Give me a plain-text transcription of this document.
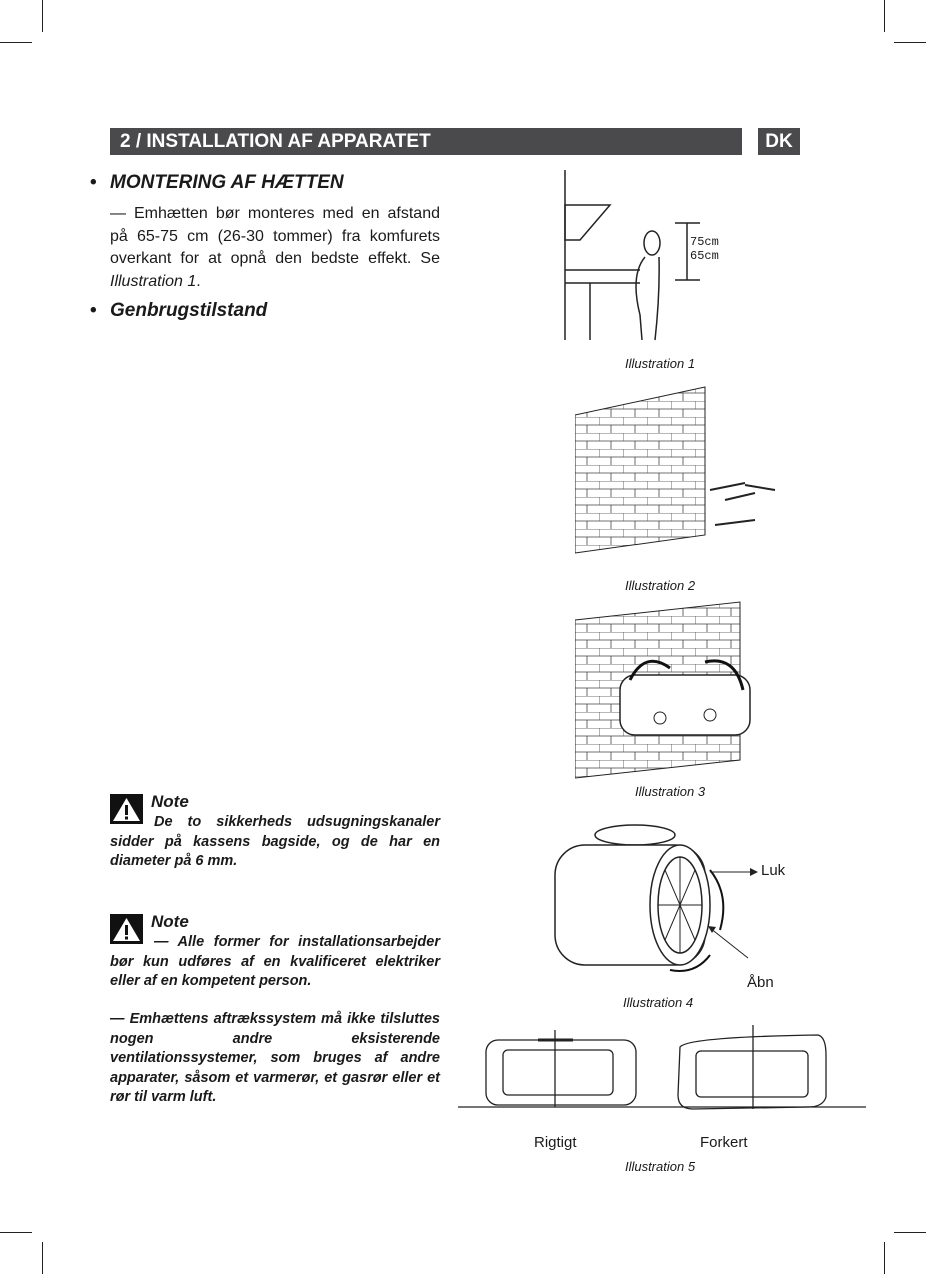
2 / INSTALLATION AF APPARATET	DK
• MONTERING AF HÆTTEN
— Emhætten bør monteres med en afstand på 65-75 cm (26-30 tommer) fra komfurets overkant for at opnå den bedste effekt. Se Illustration 1.
• Genbrugstilstand
Note
De to sikkerheds udsugningskanaler sidder på kassens bagside, og de har en diameter på 6 mm.
Note
— Alle former for installationsarbejder bør kun udføres af en kvalificeret elektriker eller af en kompetent person.
— Emhættens aftrækssystem må ikke tilsluttes nogen andre eksisterende ventilationssystemer, som bruges af andre apparater, såsom et varmerør, et gasrør eller et rør til varm luft.
75cm
65cm
Illustration 1
Illustration 2
Illustration 3
Luk
Åbn
Illustration 4
Rigtigt	Forkert
Illustration 5
